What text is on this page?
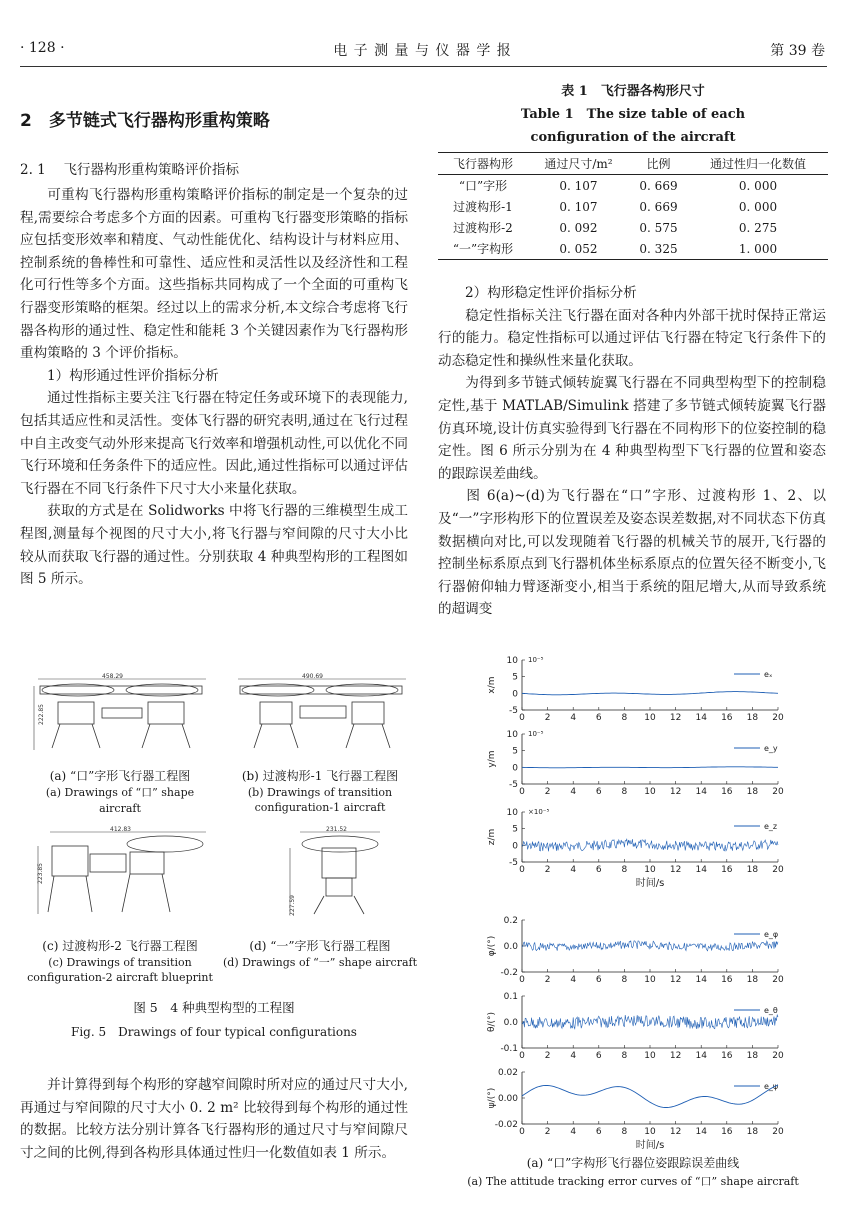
· 128 ·	电 子 测 量 与 仪 器 学 报	第 39 卷
2　多节链式飞行器构形重构策略
2. 1　 飞行器构形重构策略评价指标

可重构飞行器构形重构策略评价指标的制定是一个复杂的过程,需要综合考虑多个方面的因素。可重构飞行器变形策略的指标应包括变形效率和精度、气动性能优化、结构设计与材料应用、控制系统的鲁棒性和可靠性、适应性和灵活性以及经济性和工程化可行性等多个方面。这些指标共同构成了一个全面的可重构飞行器变形策略的框架。经过以上的需求分析,本文综合考虑将飞行器各构形的通过性、稳定性和能耗 3 个关键因素作为飞行器构形重构策略的 3 个评价指标。

1）构形通过性评价指标分析

通过性指标主要关注飞行器在特定任务或环境下的表现能力,包括其适应性和灵活性。变体飞行器的研究表明,通过在飞行过程中自主改变气动外形来提高飞行效率和增强机动性,可以优化不同飞行环境和任务条件下的适应性。因此,通过性指标可以通过评估飞行器在不同飞行条件下尺寸大小来量化获取。

获取的方式是在 Solidworks 中将飞行器的三维模型生成工程图,测量每个视图的尺寸大小,将飞行器与窄间隙的尺寸大小比较从而获取飞行器的通过性。分别获取 4 种典型构形的工程图如图 5 所示。

458.29
222.85
490.69
(a) “口”字形飞行器工程图
(a) Drawings of “口” shape aircraft
(b) 过渡构形-1 飞行器工程图
(b) Drawings of transition
configuration-1 aircraft
412.83
223.85
231.52
227.59
(c) 过渡构形-2 飞行器工程图
(c) Drawings of transition
configuration-2 aircraft blueprint
(d) “一”字形飞行器工程图
(d) Drawings of “一” shape aircraft
图 5　4 种典型构型的工程图
Fig. 5　Drawings of four typical configurations

并计算得到每个构形的穿越窄间隙时所对应的通过尺寸大小,再通过与窄间隙的尺寸大小 0. 2 m² 比较得到每个构形的通过性的数据。比较方法分别计算各飞行器构形的通过尺寸与窄间隙尺寸之间的比例,得到各构形具体通过性归一化数值如表 1 所示。

表 1　飞行器各构形尺寸
Table 1　The size table of each
configuration of the aircraft
飞行器构形	通过尺寸/m²	比例	通过性归一化数值
“口”字形	0. 107	0. 669	0. 000
过渡构形-1	0. 107	0. 669	0. 000
过渡构形-2	0. 092	0. 575	0. 275
“一”字构形	0. 052	0. 325	1. 000

2）构形稳定性评价指标分析

稳定性指标关注飞行器在面对各种内外部干扰时保持正常运行的能力。稳定性指标可以通过评估飞行器在特定飞行条件下的动态稳定性和操纵性来量化获取。

为得到多节链式倾转旋翼飞行器在不同典型构型下的控制稳定性,基于 MATLAB/Simulink 搭建了多节链式倾转旋翼飞行器仿真环境,设计仿真实验得到飞行器在不同构形下的位姿控制的稳定性。图 6 所示分别为在 4 种典型构型下飞行器的位置和姿态的跟踪误差曲线。

图 6(a)~(d)为飞行器在“口”字形、过渡构形 1、2、以及“一”字形构形下的位置误差及姿态误差数据,对不同状态下仿真数据横向对比,可以发现随着飞行器的机械关节的展开,飞行器的控制坐标系原点到飞行器机体坐标系原点的位置矢径不断变小,飞行器俯仰轴力臂逐渐变小,相当于系统的阻尼增大,从而导致系统的超调变

10
5
0
-5
0 2 4 6 8 10 12 14 16 18 20
x/m
10⁻⁵
eₓ
10
5
0
-5
0 2 4 6 8 10 12 14 16 18 20
y/m
10⁻⁵
e_y
10
5
0
-5
0 2 4 6 8 10 12 14 16 18 20
z/m
×10⁻⁵
e_z
0.2
0.0
-0.2
0 2 4 6 8 10 12 14 16 18 20
φ/(°)
e_φ
0.1
0.0
-0.1
0 2 4 6 8 10 12 14 16 18 20
θ/(°)
e_θ
0.02
0.00
-0.02
0 2 4 6 8 10 12 14 16 18 20
ψ/(°)
e_ψ
时间/s
时间/s
(a) “口”字构形飞行器位姿跟踪误差曲线
(a) The attitude tracking error curves of “口” shape aircraft
